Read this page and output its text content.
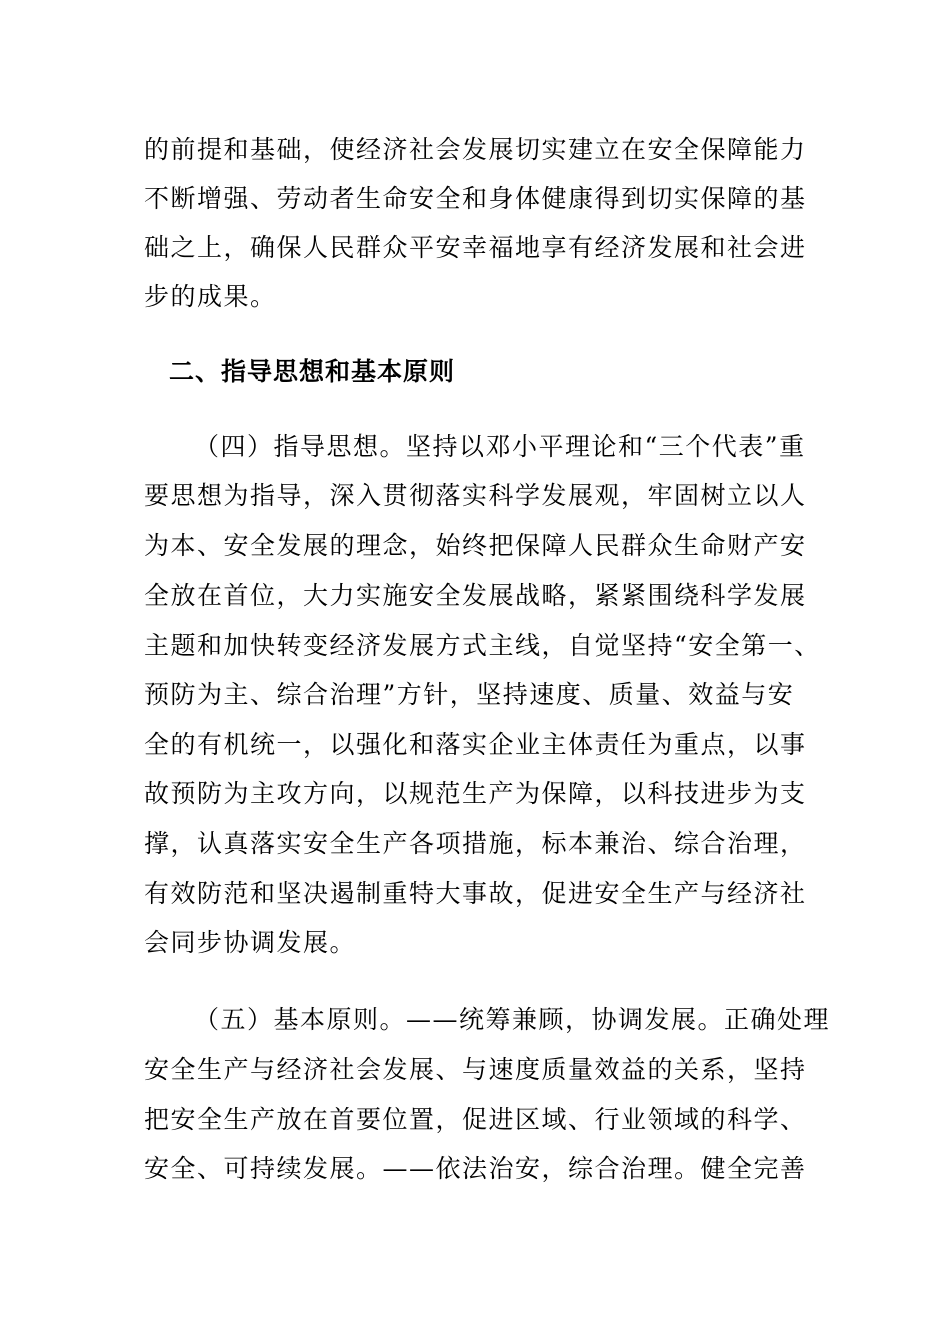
的前提和基础，使经济社会发展切实建立在安全保障能力
不断增强、劳动者生命安全和身体健康得到切实保障的基
础之上，确保人民群众平安幸福地享有经济发展和社会进
步的成果。
二、指导思想和基本原则
（四）指导思想。坚持以邓小平理论和“三个代表”重
要思想为指导，深入贯彻落实科学发展观，牢固树立以人
为本、安全发展的理念，始终把保障人民群众生命财产安
全放在首位，大力实施安全发展战略，紧紧围绕科学发展
主题和加快转变经济发展方式主线，自觉坚持“安全第一、
预防为主、综合治理”方针，坚持速度、质量、效益与安
全的有机统一，以强化和落实企业主体责任为重点，以事
故预防为主攻方向，以规范生产为保障，以科技进步为支
撑，认真落实安全生产各项措施，标本兼治、综合治理，
有效防范和坚决遏制重特大事故，促进安全生产与经济社
会同步协调发展。
（五）基本原则。——统筹兼顾，协调发展。正确处理
安全生产与经济社会发展、与速度质量效益的关系，坚持
把安全生产放在首要位置，促进区域、行业领域的科学、
安全、可持续发展。——依法治安，综合治理。健全完善
